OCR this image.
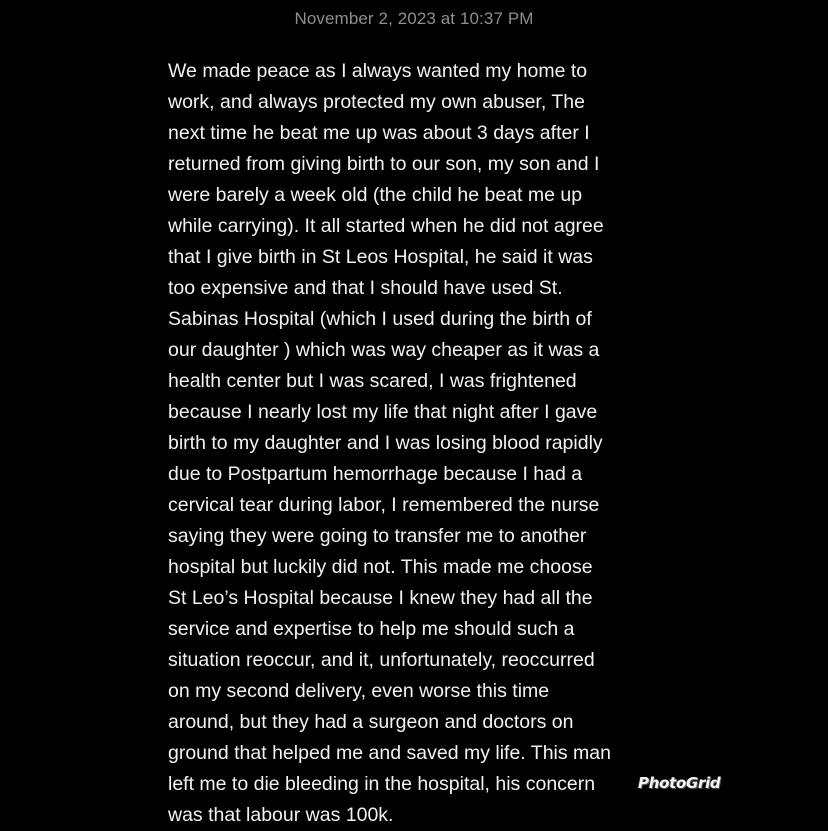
November 2, 2023 at 10:37 PM
We made peace as I always wanted my home to
work, and always protected my own abuser, The
next time he beat me up was about 3 days after I
returned from giving birth to our son, my son and I
were barely a week old (the child he beat me up
while carrying). It all started when he did not agree
that I give birth in St Leos Hospital, he said it was
too expensive and that I should have used St.
Sabinas Hospital (which I used during the birth of
our daughter ) which was way cheaper as it was a
health center but I was scared, I was frightened
because I nearly lost my life that night after I gave
birth to my daughter and I was losing blood rapidly
due to Postpartum hemorrhage because I had a
cervical tear during labor, I remembered the nurse
saying they were going to transfer me to another
hospital but luckily did not. This made me choose
St Leo’s Hospital because I knew they had all the
service and expertise to help me should such a
situation reoccur, and it, unfortunately, reoccurred
on my second delivery, even worse this time
around, but they had a surgeon and doctors on
ground that helped me and saved my life. This man
left me to die bleeding in the hospital, his concern
was that labour was 100k.
PhotoGrid
